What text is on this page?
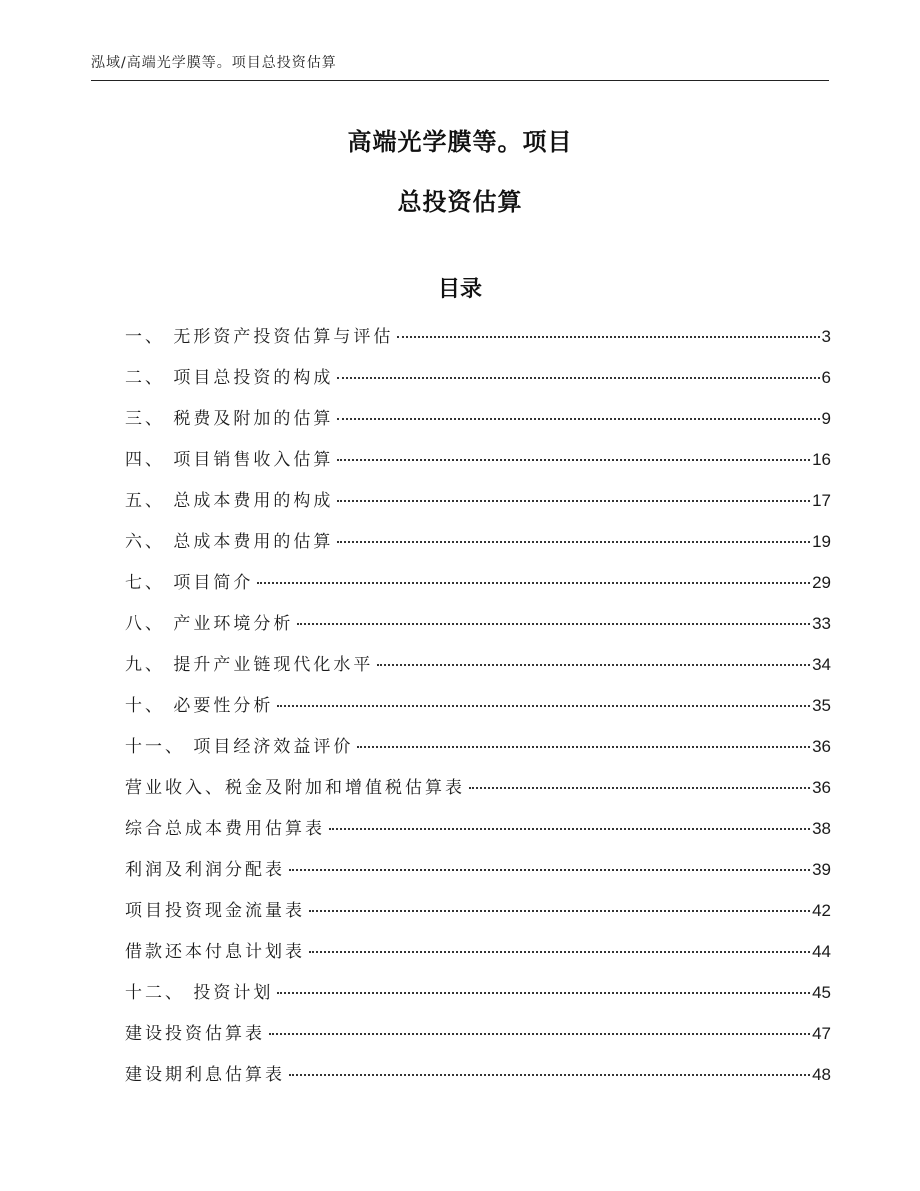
泓域/高端光学膜等。项目总投资估算
高端光学膜等。项目
总投资估算
目录
一、 无形资产投资估算与评估	3
二、 项目总投资的构成	6
三、 税费及附加的估算	9
四、 项目销售收入估算	16
五、 总成本费用的构成	17
六、 总成本费用的估算	19
七、 项目简介	29
八、 产业环境分析	33
九、 提升产业链现代化水平	34
十、 必要性分析	35
十一、 项目经济效益评价	36
营业收入、税金及附加和增值税估算表	36
综合总成本费用估算表	38
利润及利润分配表	39
项目投资现金流量表	42
借款还本付息计划表	44
十二、 投资计划	45
建设投资估算表	47
建设期利息估算表	48
